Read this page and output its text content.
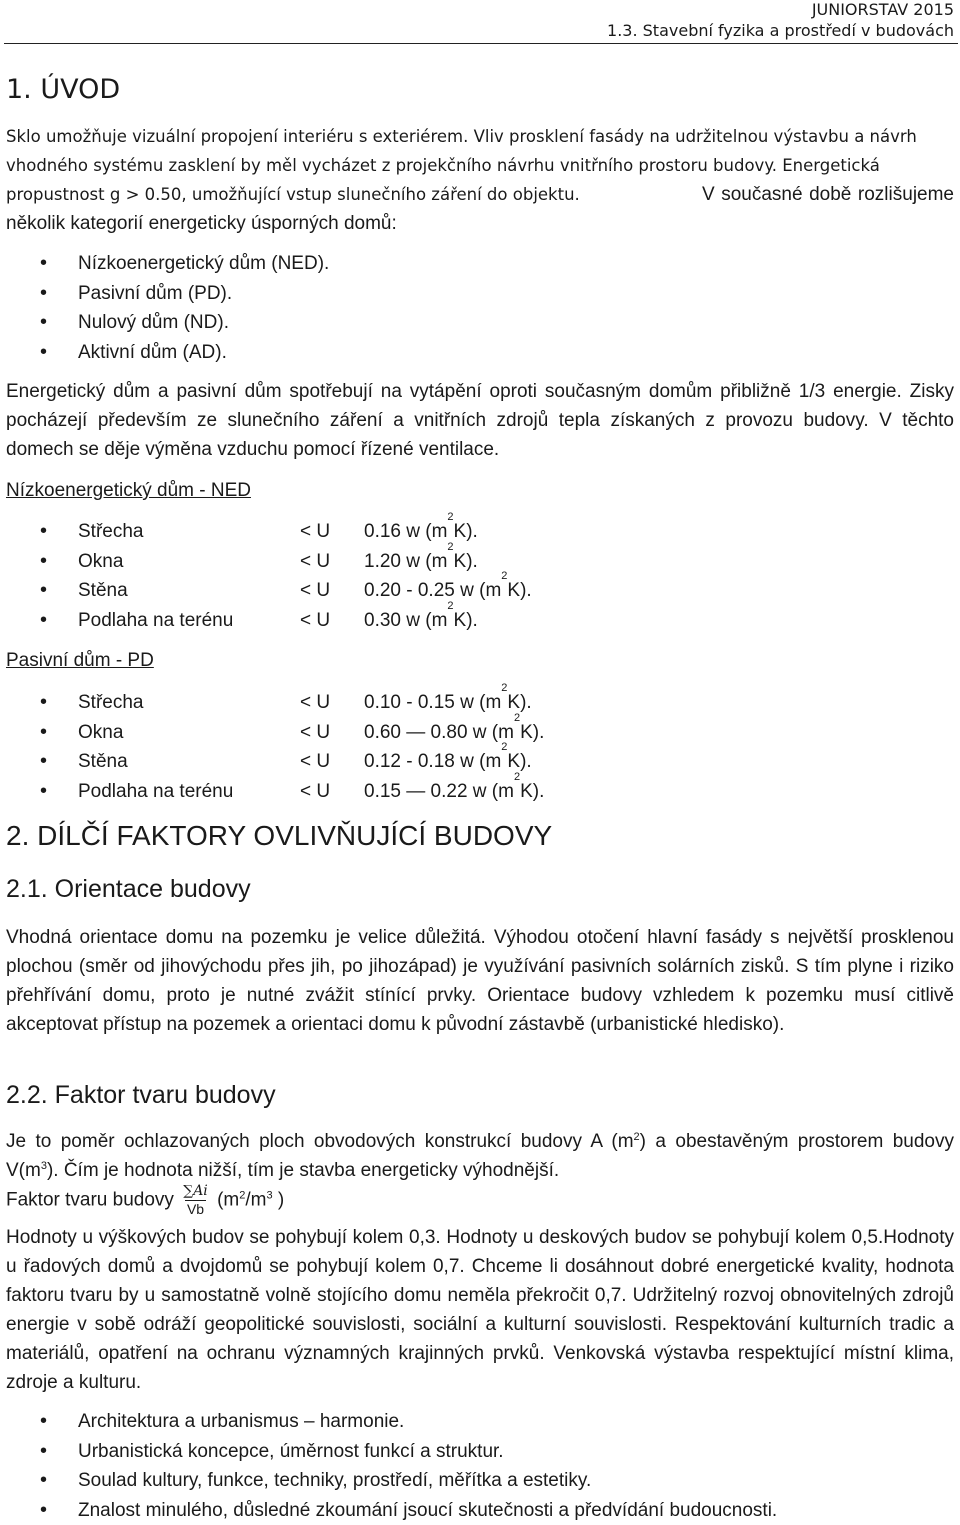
JUNIORSTAV 2015
1.3. Stavební fyzika a prostředí v budovách
1. ÚVOD
Sklo umožňuje vizuální propojení interiéru s exteriérem. Vliv prosklení fasády na udržitelnou výstavbu a návrh vhodného systému zasklení by měl vycházet z projekčního návrhu vnitřního prostoru budovy. Energetická propustnost g > 0.50, umožňující vstup slunečního záření do objektu.	V současné době rozlišujeme několik kategorií energeticky úsporných domů:
• Nízkoenergetický dům (NED).
• Pasivní dům (PD).
• Nulový dům (ND).
• Aktivní dům (AD).
Energetický dům a pasivní dům spotřebují na vytápění oproti současným domům přibližně 1/3 energie. Zisky pocházejí především ze slunečního záření a vnitřních zdrojů tepla získaných z provozu budovy. V těchto domech se děje výměna vzduchu pomocí řízené ventilace.
Nízkoenergetický dům - NED
• Střecha	< U	0.16 w (m
2
K).
• Okna	< U	1.20 w (m
2
K).
• Stěna	< U	0.20 - 0.25 w (m
2
K).
• Podlaha na terénu	< U	0.30 w (m
2
K).
Pasivní dům - PD
• Střecha	< U	0.10 - 0.15 w (m
2
K).
• Okna	< U	0.60 — 0.80 w (m
2
K).
• Stěna	< U	0.12 - 0.18 w (m
2
K).
• Podlaha na terénu	< U	0.15 — 0.22 w (m
2
K).
2. DÍLČÍ FAKTORY OVLIVŇUJÍCÍ BUDOVY
2.1. Orientace budovy
Vhodná orientace domu na pozemku je velice důležitá. Výhodou otočení hlavní fasády s největší prosklenou plochou (směr od jihovýchodu přes jih, po jihozápad) je využívání pasivních solárních zisků. S tím plyne i riziko přehřívání domu, proto je nutné zvážit stínící prvky. Orientace budovy vzhledem k pozemku musí citlivě akceptovat přístup na pozemek a orientaci domu k původní zástavbě (urbanistické hledisko).
2.2. Faktor tvaru budovy
Je to poměr ochlazovaných ploch obvodových konstrukcí budovy A $(m^2)$ a obestavěným prostorem budovy $V(m^3)$. Čím je hodnota nižší, tím je stavba energeticky výhodnější.
Faktor tvaru budovy $\frac{\sum Ai}{Vb} (m^2/m^3$ )
Hodnoty u výškových budov se pohybují kolem 0,3. Hodnoty u deskových budov se pohybují kolem 0,5.Hodnoty u řadových domů a dvojdomů se pohybují kolem 0,7. Chceme li dosáhnout dobré energetické kvality, hodnota faktoru tvaru by u samostatně volně stojícího domu neměla překročit 0,7. Udržitelný rozvoj obnovitelných zdrojů energie v sobě odráží geopolitické souvislosti, sociální a kulturní souvislosti. Respektování kulturních tradic a materiálů, opatření na ochranu významných krajinných prvků. Venkovská výstavba respektující místní klima, zdroje a kulturu.
• Architektura a urbanismus – harmonie.
• Urbanistická koncepce, úměrnost funkcí a struktur.
• Soulad kultury, funkce, techniky, prostředí, měřítka a estetiky.
• Znalost minulého, důsledné zkoumání jsoucí skutečnosti a předvídání budoucnosti.
